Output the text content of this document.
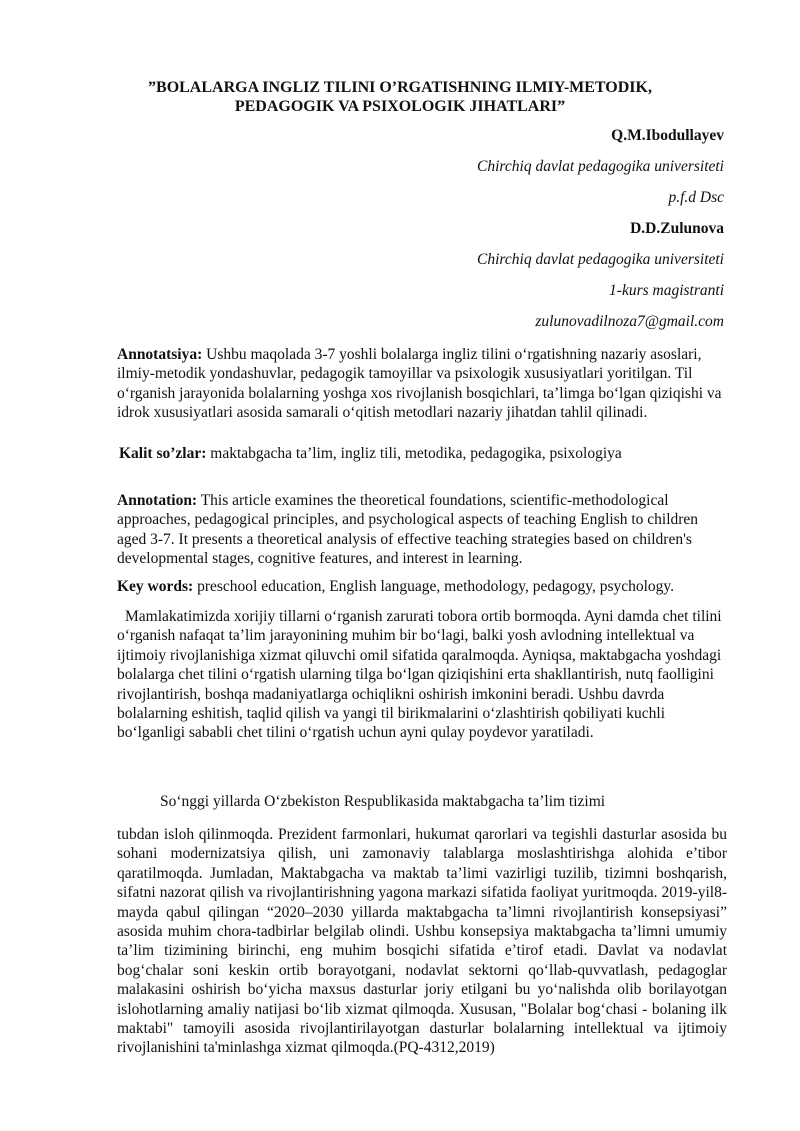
”BOLALARGA INGLIZ TILINI O’RGATISHNING ILMIY-METODIK,
PEDAGOGIK VA PSIXOLOGIK JIHATLARI”
Q.M.Ibodullayev
Chirchiq davlat pedagogika universiteti
p.f.d Dsc
D.D.Zulunova
Chirchiq davlat pedagogika universiteti
1-kurs magistranti
zulunovadilnoza7@gmail.com

Annotatsiya: Ushbu maqolada 3-7 yoshli bolalarga ingliz tilini o‘rgatishning nazariy asoslari, ilmiy-metodik yondashuvlar, pedagogik tamoyillar va psixologik xususiyatlari yoritilgan. Til o‘rganish jarayonida bolalarning yoshga xos rivojlanish bosqichlari, ta’limga bo‘lgan qiziqishi va idrok xususiyatlari asosida samarali o‘qitish metodlari nazariy jihatdan tahlil qilinadi.

Kalit so’zlar: maktabgacha ta’lim, ingliz tili, metodika, pedagogika, psixologiya

Annotation: This article examines the theoretical foundations, scientific-methodological approaches, pedagogical principles, and psychological aspects of teaching English to children aged 3-7. It presents a theoretical analysis of effective teaching strategies based on children's developmental stages, cognitive features, and interest in learning.

Key words: preschool education, English language, methodology, pedagogy, psychology.

Mamlakatimizda xorijiy tillarni o‘rganish zarurati tobora ortib bormoqda. Ayni damda chet tilini o‘rganish nafaqat ta’lim jarayonining muhim bir bo‘lagi, balki yosh avlodning intellektual va ijtimoiy rivojlanishiga xizmat qiluvchi omil sifatida qaralmoqda. Ayniqsa, maktabgacha yoshdagi bolalarga chet tilini o‘rgatish ularning tilga bo‘lgan qiziqishini erta shakllantirish, nutq faolligini rivojlantirish, boshqa madaniyatlarga ochiqlikni oshirish imkonini beradi. Ushbu davrda bolalarning eshitish, taqlid qilish va yangi til birikmalarini o‘zlashtirish qobiliyati kuchli bo‘lganligi sababli chet tilini o‘rgatish uchun ayni qulay poydevor yaratiladi.

So‘nggi yillarda O‘zbekiston Respublikasida maktabgacha ta’lim tizimi

tubdan isloh qilinmoqda. Prezident farmonlari, hukumat qarorlari va tegishli dasturlar asosida bu sohani modernizatsiya qilish, uni zamonaviy talablarga moslashtirishga alohida e’tibor qaratilmoqda. Jumladan, Maktabgacha va maktab ta’limi vazirligi tuzilib, tizimni boshqarish, sifatni nazorat qilish va rivojlantirishning yagona markazi sifatida faoliyat yuritmoqda. 2019-yil8-mayda qabul qilingan “2020–2030 yillarda maktabgacha ta’limni rivojlantirish konsepsiyasi” asosida muhim chora-tadbirlar belgilab olindi. Ushbu konsepsiya maktabgacha ta’limni umumiy ta’lim tizimining birinchi, eng muhim bosqichi sifatida e’tirof etadi. Davlat va nodavlat bog‘chalar soni keskin ortib borayotgani, nodavlat sektorni qo‘llab-quvvatlash, pedagoglar malakasini oshirish bo‘yicha maxsus dasturlar joriy etilgani bu yo‘nalishda olib borilayotgan islohotlarning amaliy natijasi bo‘lib xizmat qilmoqda. Xususan, "Bolalar bog‘chasi - bolaning ilk maktabi" tamoyili asosida rivojlantirilayotgan dasturlar bolalarning intellektual va ijtimoiy rivojlanishini ta'minlashga xizmat qilmoqda.(PQ-4312,2019)
